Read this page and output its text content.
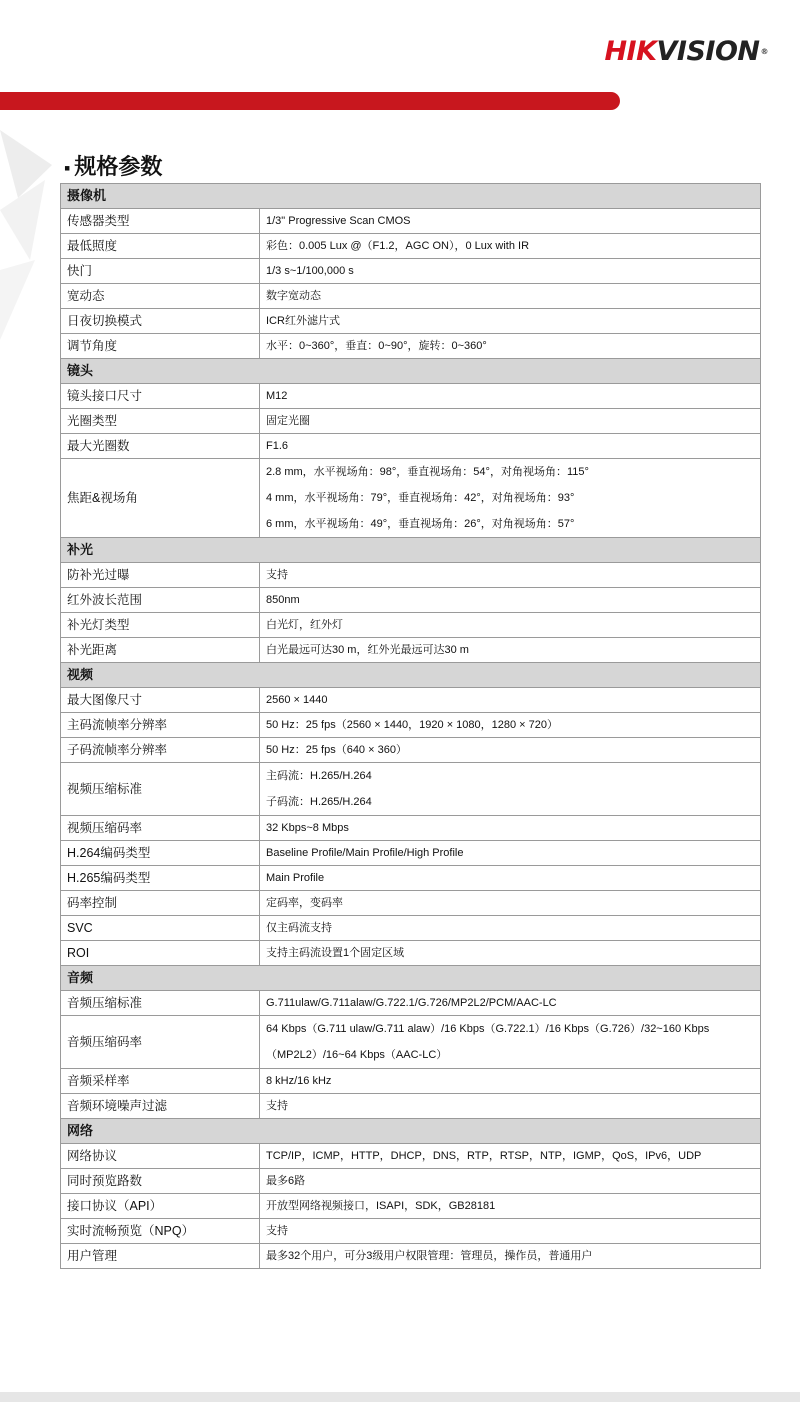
HIKVISION®
▪ 规格参数
摄像机	
传感器类型	1/3" Progressive Scan CMOS
最低照度	彩色：0.005 Lux @（F1.2，AGC ON），0 Lux with IR
快门	1/3 s~1/100,000 s
宽动态	数字宽动态
日夜切换模式	ICR红外滤片式
调节角度	水平：0~360°，垂直：0~90°，旋转：0~360°
镜头	
镜头接口尺寸	M12
光圈类型	固定光圈
最大光圈数	F1.6
焦距&视场角	2.8 mm，水平视场角：98°，垂直视场角：54°，对角视场角：115°
4 mm，水平视场角：79°，垂直视场角：42°，对角视场角：93°
6 mm，水平视场角：49°，垂直视场角：26°，对角视场角：57°

补光	
防补光过曝	支持
红外波长范围	850nm
补光灯类型	白光灯，红外灯
补光距离	白光最远可达30 m，红外光最远可达30 m
视频	
最大图像尺寸	2560 × 1440
主码流帧率分辨率	50 Hz：25 fps（2560 × 1440，1920 × 1080，1280 × 720）
子码流帧率分辨率	50 Hz：25 fps（640 × 360）
视频压缩标准	主码流：H.265/H.264
子码流：H.265/H.264

视频压缩码率	32 Kbps~8 Mbps
H.264编码类型	Baseline Profile/Main Profile/High Profile
H.265编码类型	Main Profile
码率控制	定码率，变码率
SVC	仅主码流支持
ROI	支持主码流设置1个固定区域
音频	
音频压缩标准	G.711ulaw/G.711alaw/G.722.1/G.726/MP2L2/PCM/AAC-LC
音频压缩码率	64 Kbps（G.711 ulaw/G.711 alaw）/16 Kbps（G.722.1）/16 Kbps（G.726）/32~160 Kbps
（MP2L2）/16~64 Kbps（AAC-LC）

音频采样率	8 kHz/16 kHz
音频环境噪声过滤	支持
网络	
网络协议	TCP/IP，ICMP，HTTP，DHCP，DNS，RTP，RTSP，NTP，IGMP，QoS，IPv6，UDP
同时预览路数	最多6路
接口协议（API）	开放型网络视频接口，ISAPI，SDK，GB28181
实时流畅预览（NPQ）	支持
用户管理	最多32个用户，可分3级用户权限管理：管理员，操作员，普通用户
